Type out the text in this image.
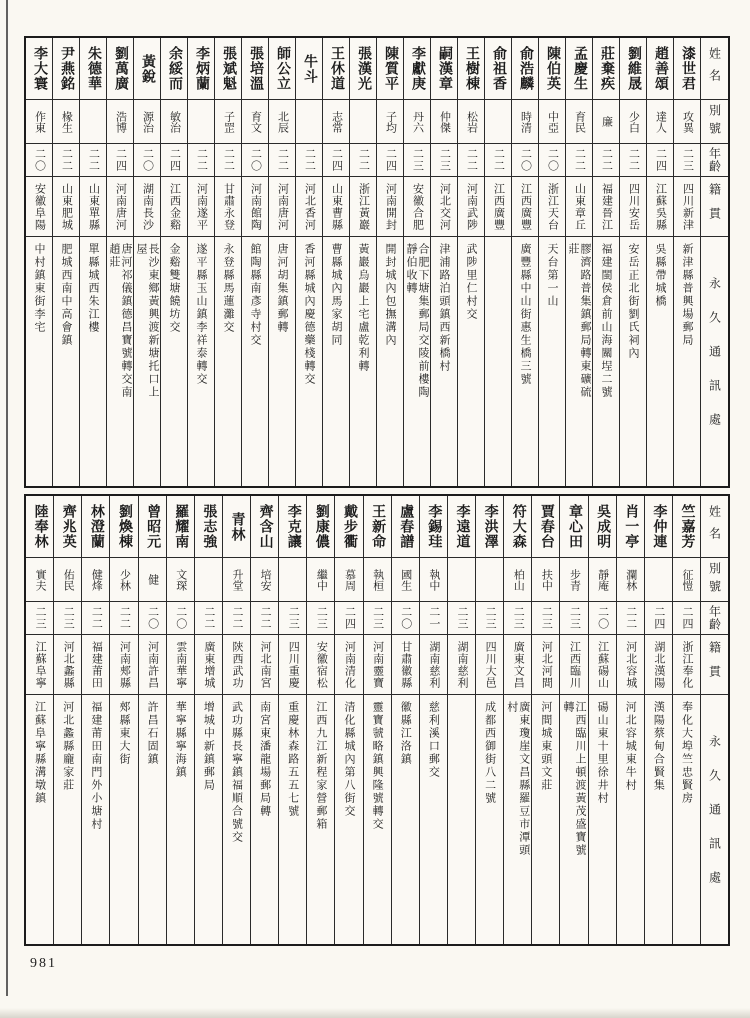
李大寰
作東
二〇
安徽阜陽
中村鎮東街李宅
尹燕銘
椽生
二二
山東肥城
肥城西南中高會鎮
朱德華
二二
山東單縣
單縣城西朱江樓
劉萬廣
浩博
二四
河南唐河
唐河祁儀鎮德昌寶號轉交南趙莊
黃銳
源治
二〇
湖南長沙
長沙東鄉黃興渡新塘托口上屋
余綏而
敏治
二四
江西金谿
金谿雙塘饒坊交
李炳蘭
二二
河南遂平
遂平縣玉山鎮李祥泰轉交
張斌魁
子罡
二二
甘肅永登
永登縣馬蓮灘交
張培溫
育文
二〇
河南館陶
館陶縣南彥寺村交
師公立
北辰
二二
河南唐河
唐河胡集鎮郵轉
牛斗
二二
河北香河
香河縣城內慶德藥棧轉交
王休道
志常
二四
山東曹縣
曹縣城內馬家胡同
張漢光
二二
浙江黃巖
黃巖烏巖上宅盧乾利轉
陳質平
子均
二四
河南開封
開封城內包撫溝內
李獻庚
丹六
二三
安徽合肥
合肥下塘集郵局交陵前樓陶靜伯收轉
嗣漢章
仲傑
二三
河北交河
津浦路泊頭鎮西新橋村
王樹棟
松岩
二二
河南武陟
武陟里仁村交
俞祖香
二二
江西廣豐
俞浩麟
時清
二〇
江西廣豐
廣豐縣中山街惠生橋三號
陳伯英
中亞
二〇
浙江天台
天台第一山
孟慶生
育民
二二
山東章丘
膠濟路普集鎮郵局轉東礦硫莊
莊棄疾
廉
二二
福建晉江
福建閩侯倉前山海關埕二號
劉維晟
少白
二二
四川安岳
安岳正北街劉氏祠內
趙善頌
達人
二四
江蘇吳縣
吳縣帶城橋
漆世君
攻異
二三
四川新津
新津縣普興場郵局
姓名
別號
年齡
籍貫
永久通訊處
陸奉林
實夫
二三
江蘇阜寧
江蘇阜寧縣溝墩鎮
齊兆英
佑民
二三
河北蠡縣
河北蠡縣龐家莊
林澄蘭
健烽
二二
福建莆田
福建莆田南門外小塘村
劉煥棟
少林
二二
河南郟縣
郟縣東大街
曾昭元
健
二〇
河南許昌
許昌石固鎮
羅耀南
文琛
二〇
雲南華寧
華寧縣寧海鎮
張志強
二二
廣東增城
增城中新鎮郵局
青林
升堂
二二
陝西武功
武功縣長寧鎮福順合號交
齊含山
培安
二二
河北南宮
南宮東潘龍場郵局轉
李克讓
二三
四川重慶
重慶林森路五五七號
劉康儂
繼中
二三
安徽宿松
江西九江新程家營郵箱
戴步衢
慕周
二四
河南清化
清化縣城內第八街交
王新命
執桓
二三
河南靈寶
靈寶虢略鎮興隆號轉交
盧春譜
國生
二〇
甘肅徽縣
徽縣江洛鎮
李錫珪
執中
二一
湖南慈利
慈利溪口郵交
李遠道
二三
湖南慈利
李洪澤
二三
四川大邑
成都西御街八二號
符大森
柏山
二三
廣東文昌
廣東瓊崖文昌縣羅豆市潭頭村
賈春台
扶中
二三
河北河間
河間城東頭文莊
章心田
步青
二三
江西臨川
江西臨川上頓渡黃茂盛寶號轉
吳成明
靜庵
二〇
江蘇碭山
碭山東十里徐井村
肖一亭
瀾林
二二
河北容城
河北容城東牛村
李仲連
二四
湖北漢陽
漢陽蔡甸合賢集
竺嘉芳
征愷
二四
浙江奉化
奉化大埠竺忠賢房
姓名
別號
年齡
籍貫
永久通訊處
981
